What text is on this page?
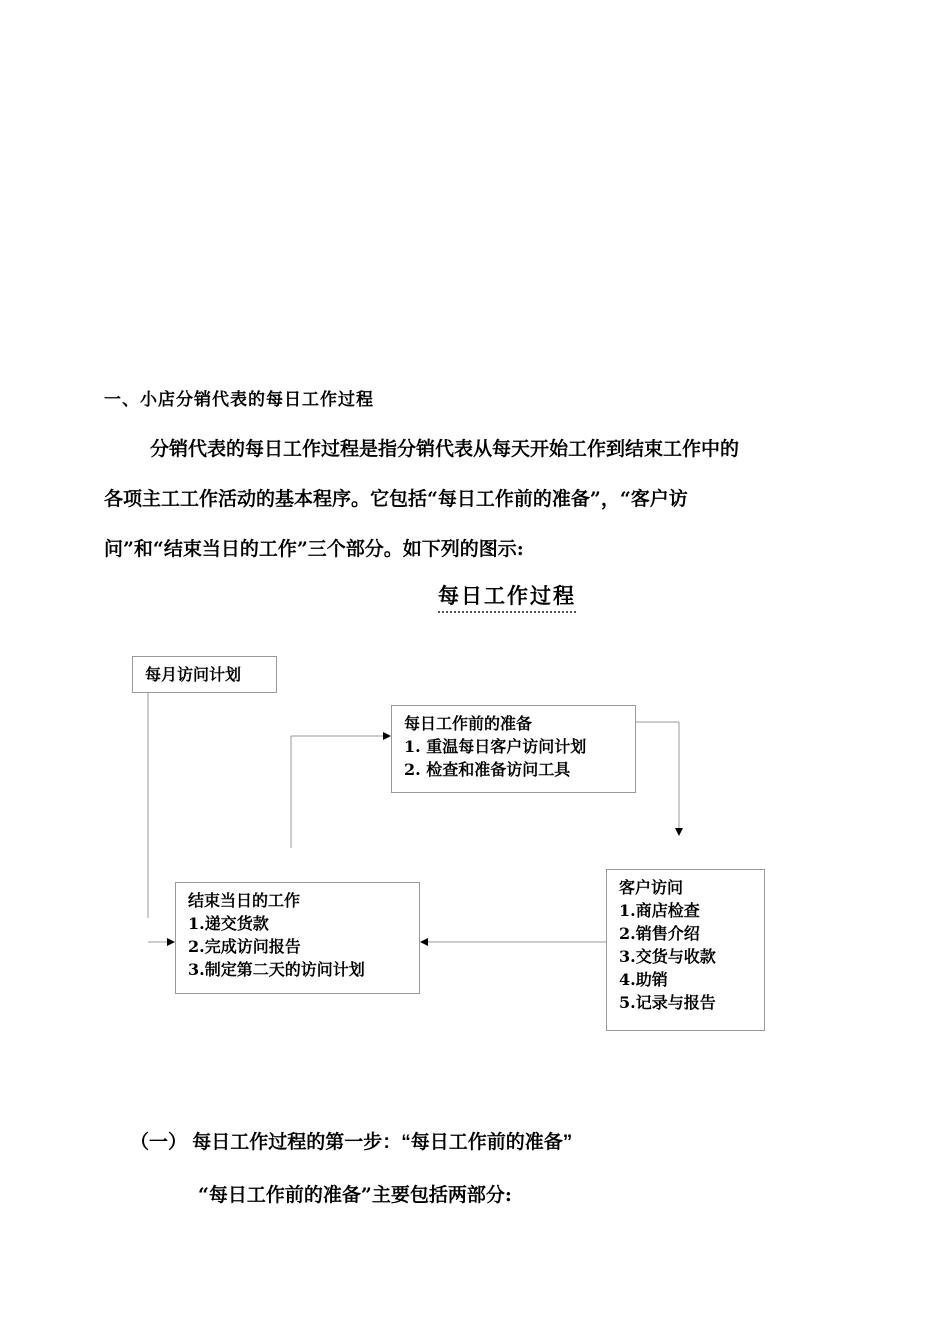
一、小店分销代表的每日工作过程
分销代表的每日工作过程是指分销代表从每天开始工作到结束工作中的
各项主工工作活动的基本程序。它包括“每日工作前的准备”，“客户访
问”和“结束当日的工作”三个部分。如下列的图示:
每日工作过程
每月访问计划
每日工作前的准备
1. 重温每日客户访问计划
2. 检查和准备访问工具
结束当日的工作
1.递交货款
2.完成访问报告
3.制定第二天的访问计划
客户访问
1.商店检查
2.销售介绍
3.交货与收款
4.助销
5.记录与报告
（一） 每日工作过程的第一步：“每日工作前的准备”
“每日工作前的准备”主要包括两部分:
